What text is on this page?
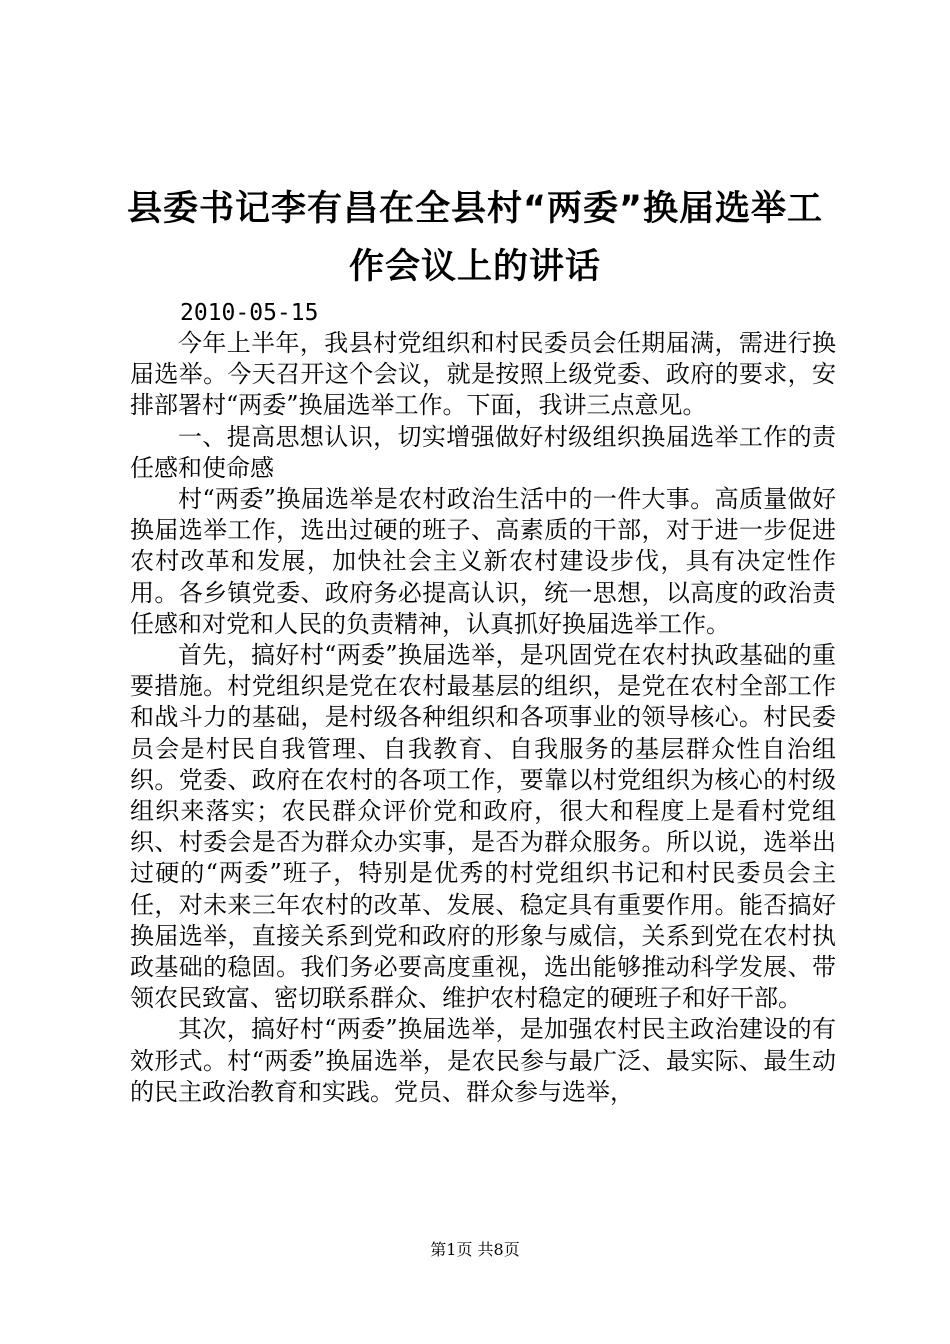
县委书记李有昌在全县村“两委”换届选举工作会议上的讲话
2010-05-15

今年上半年，我县村党组织和村民委员会任期届满，需进行换届选举。今天召开这个会议，就是按照上级党委、政府的要求，安排部署村“两委”换届选举工作。下面，我讲三点意见。

一、提高思想认识，切实增强做好村级组织换届选举工作的责任感和使命感

村“两委”换届选举是农村政治生活中的一件大事。高质量做好换届选举工作，选出过硬的班子、高素质的干部，对于进一步促进农村改革和发展，加快社会主义新农村建设步伐，具有决定性作用。各乡镇党委、政府务必提高认识，统一思想，以高度的政治责任感和对党和人民的负责精神，认真抓好换届选举工作。

首先，搞好村“两委”换届选举，是巩固党在农村执政基础的重要措施。村党组织是党在农村最基层的组织，是党在农村全部工作和战斗力的基础，是村级各种组织和各项事业的领导核心。村民委员会是村民自我管理、自我教育、自我服务的基层群众性自治组织。党委、政府在农村的各项工作，要靠以村党组织为核心的村级组织来落实；农民群众评价党和政府，很大和程度上是看村党组织、村委会是否为群众办实事，是否为群众服务。所以说，选举出过硬的“两委”班子，特别是优秀的村党组织书记和村民委员会主任，对未来三年农村的改革、发展、稳定具有重要作用。能否搞好换届选举，直接关系到党和政府的形象与威信，关系到党在农村执政基础的稳固。我们务必要高度重视，选出能够推动科学发展、带领农民致富、密切联系群众、维护农村稳定的硬班子和好干部。

其次，搞好村“两委”换届选举，是加强农村民主政治建设的有效形式。村“两委”换届选举，是农民参与最广泛、最实际、最生动的民主政治教育和实践。党员、群众参与选举，

第1页 共8页
